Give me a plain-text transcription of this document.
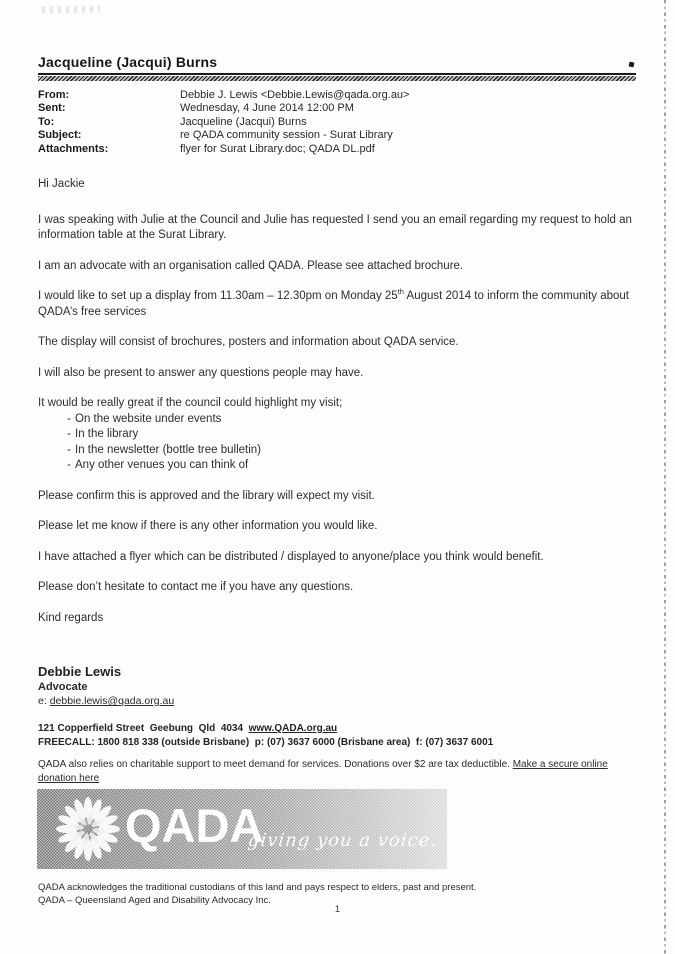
Jacqueline (Jacqui) Burns
From:	Debbie J. Lewis <Debbie.Lewis@qada.org.au>
Sent:	Wednesday, 4 June 2014 12:00 PM
To:	Jacqueline (Jacqui) Burns
Subject:	re QADA community session - Surat Library
Attachments:	flyer for Surat Library.doc; QADA DL.pdf

Hi Jackie

I was speaking with Julie at the Council and Julie has requested I send you an email regarding my request to hold an information table at the Surat Library.

I am an advocate with an organisation called QADA. Please see attached brochure.

I would like to set up a display from 11.30am – 12.30pm on Monday 25th August 2014 to inform the community about QADA’s free services

The display will consist of brochures, posters and information about QADA service.

I will also be present to answer any questions people may have.

It would be really great if the council could highlight my visit;

- On the website under events
- In the library
- In the newsletter (bottle tree bulletin)
- Any other venues you can think of

Please confirm this is approved and the library will expect my visit.

Please let me know if there is any other information you would like.

I have attached a flyer which can be distributed / displayed to anyone/place you think would benefit.

Please don’t hesitate to contact me if you have any questions.

Kind regards

Debbie Lewis
Advocate
e: debbie.lewis@qada.org.au
121 Copperfield Street  Geebung  Qld  4034  www.QADA.org.au
FREECALL: 1800 818 338 (outside Brisbane)  p: (07) 3637 6000 (Brisbane area)  f: (07) 3637 6001
QADA also relies on charitable support to meet demand for services. Donations over $2 are tax deductible. Make a secure online donation here
QADA
giving you a voice.
QADA acknowledges the traditional custodians of this land and pays respect to elders, past and present.
QADA – Queensland Aged and Disability Advocacy Inc.
1
